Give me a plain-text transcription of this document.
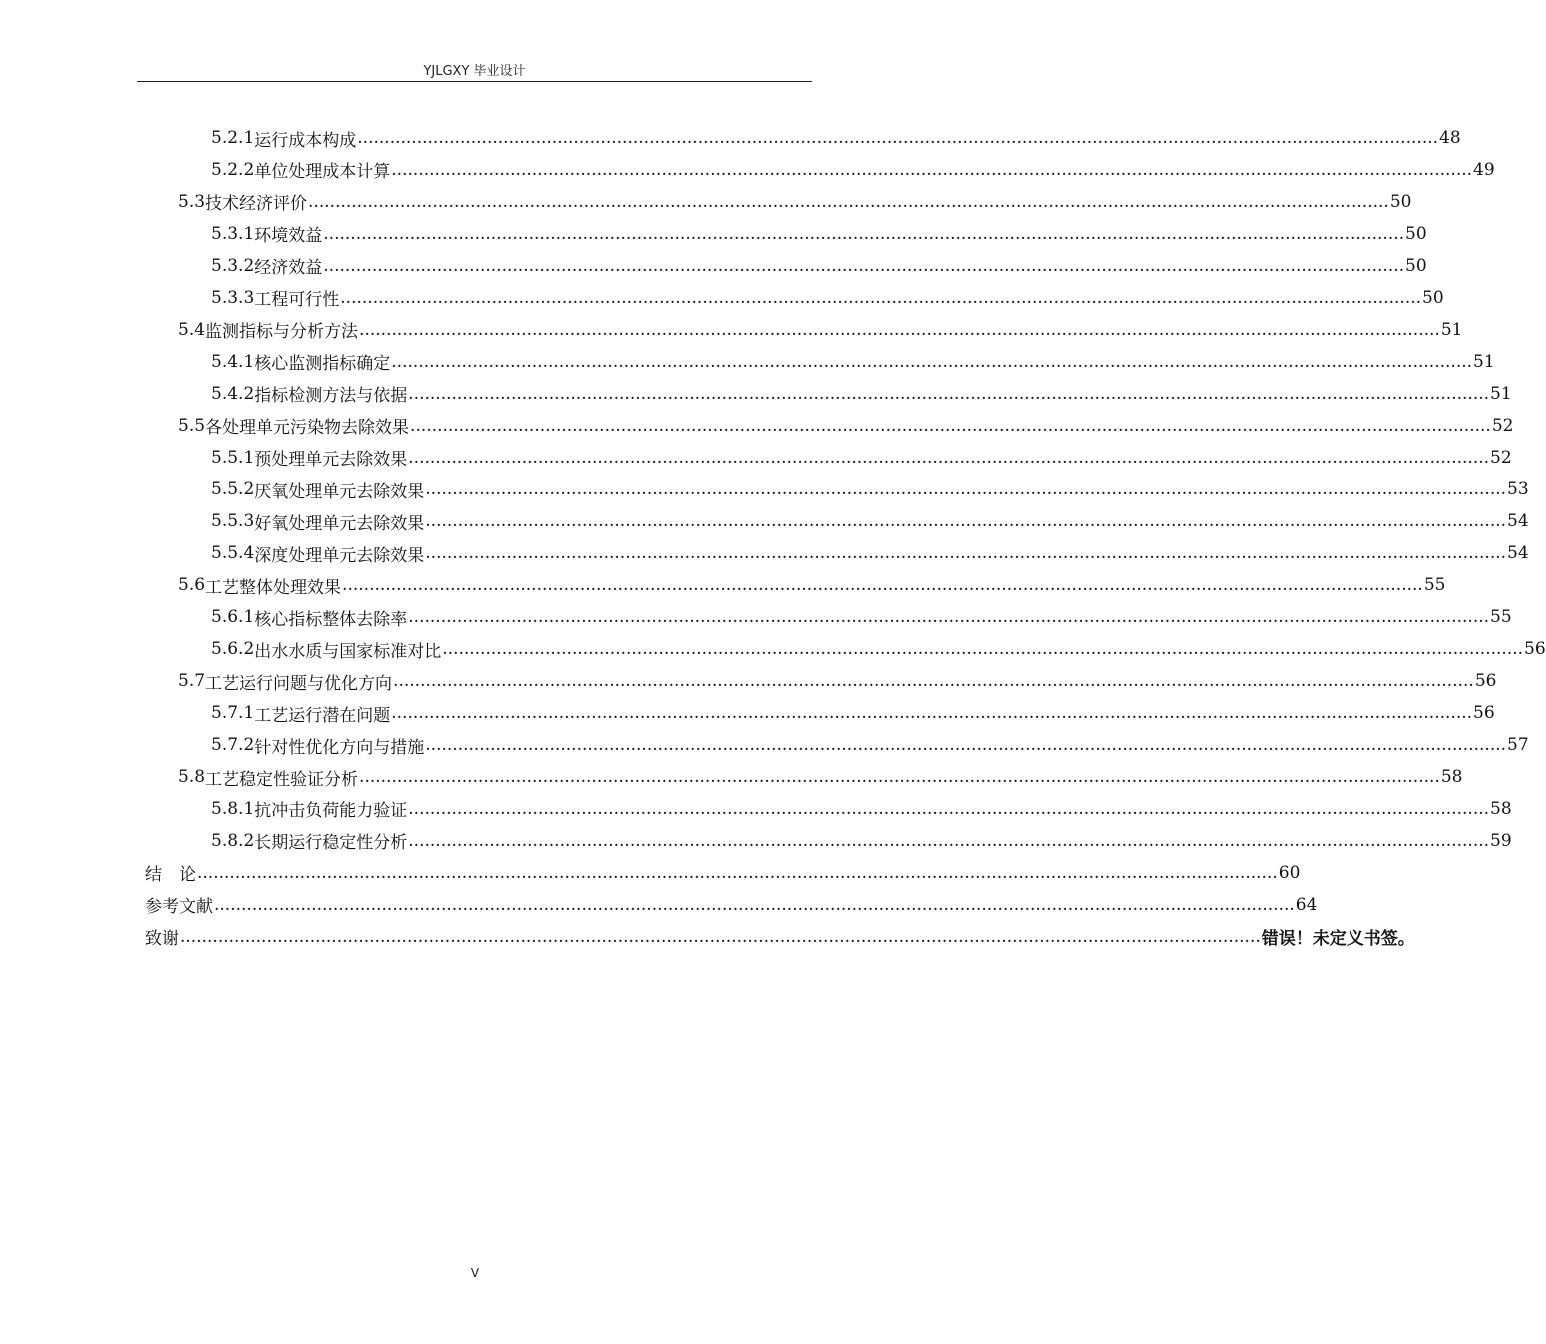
YJLGXY 毕业设计
5.2.1 运行成本构成 ........................................................................................................................................................................................................ 48
5.2.2 单位处理成本计算 ........................................................................................................................................................................................................ 49
5.3 技术经济评价 ........................................................................................................................................................................................................ 50
5.3.1 环境效益 ........................................................................................................................................................................................................ 50
5.3.2 经济效益 ........................................................................................................................................................................................................ 50
5.3.3 工程可行性 ........................................................................................................................................................................................................ 50
5.4 监测指标与分析方法 ........................................................................................................................................................................................................ 51
5.4.1 核心监测指标确定 ........................................................................................................................................................................................................ 51
5.4.2 指标检测方法与依据 ........................................................................................................................................................................................................ 51
5.5 各处理单元污染物去除效果 ........................................................................................................................................................................................................ 52
5.5.1 预处理单元去除效果 ........................................................................................................................................................................................................ 52
5.5.2 厌氧处理单元去除效果 ........................................................................................................................................................................................................ 53
5.5.3 好氧处理单元去除效果 ........................................................................................................................................................................................................ 54
5.5.4 深度处理单元去除效果 ........................................................................................................................................................................................................ 54
5.6 工艺整体处理效果 ........................................................................................................................................................................................................ 55
5.6.1 核心指标整体去除率 ........................................................................................................................................................................................................ 55
5.6.2 出水水质与国家标准对比 ........................................................................................................................................................................................................ 56
5.7 工艺运行问题与优化方向 ........................................................................................................................................................................................................ 56
5.7.1 工艺运行潜在问题 ........................................................................................................................................................................................................ 56
5.7.2 针对性优化方向与措施 ........................................................................................................................................................................................................ 57
5.8 工艺稳定性验证分析 ........................................................................................................................................................................................................ 58
5.8.1 抗冲击负荷能力验证 ........................................................................................................................................................................................................ 58
5.8.2 长期运行稳定性分析 ........................................................................................................................................................................................................ 59
结　论 ........................................................................................................................................................................................................ 60
参考文献 ........................................................................................................................................................................................................ 64
致谢 ........................................................................................................................................................................................................ 错误！未定义书签。
V
